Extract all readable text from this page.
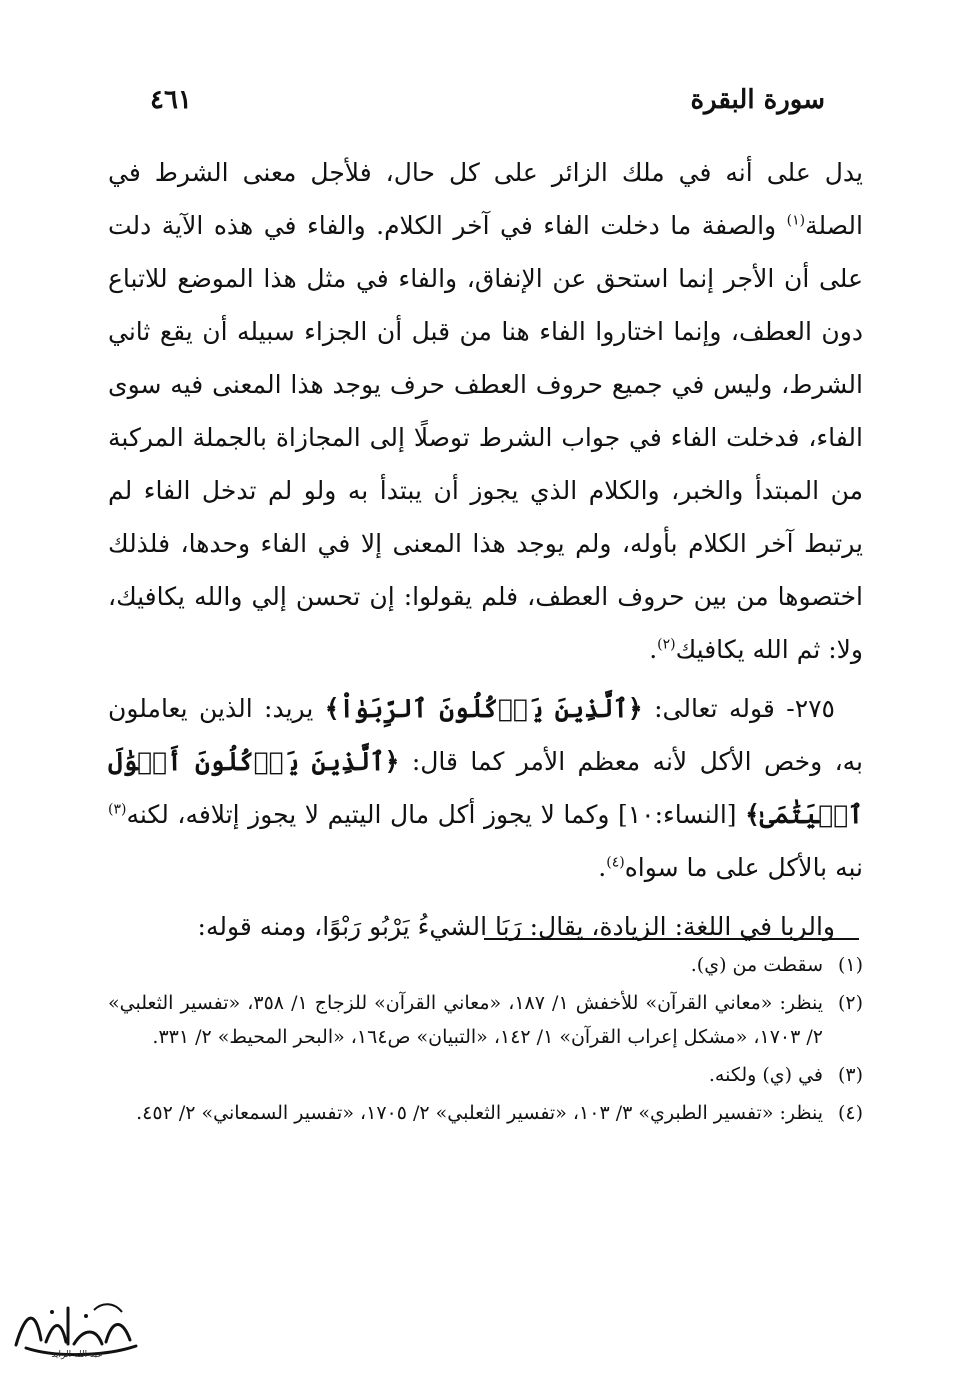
سورة البقرة
٤٦١

يدل على أنه في ملك الزائر على كل حال، فلأجل معنى الشرط في الصلة$^{(١)}$ والصفة ما دخلت الفاء في آخر الكلام. والفاء في هذه الآية دلت على أن الأجر إنما استحق عن الإنفاق، والفاء في مثل هذا الموضع للاتباع دون العطف، وإنما اختاروا الفاء هنا من قبل أن الجزاء سبيله أن يقع ثاني الشرط، وليس في جميع حروف العطف حرف يوجد هذا المعنى فيه سوى الفاء، فدخلت الفاء في جواب الشرط توصلًا إلى المجازاة بالجملة المركبة من المبتدأ والخبر، والكلام الذي يجوز أن يبتدأ به ولو لم تدخل الفاء لم يرتبط آخر الكلام بأوله، ولم يوجد هذا المعنى إلا في الفاء وحدها، فلذلك اختصوها من بين حروف العطف، فلم يقولوا: إن تحسن إلي والله يكافيك، ولا: ثم الله يكافيك$^{(٢)}$.

٢٧٥- قوله تعالى: ﴿ٱلَّذِينَ يَأۡكُلُونَ ٱلرِّبَوٰاْ﴾ يريد: الذين يعاملون به، وخص الأكل لأنه معظم الأمر كما قال: ﴿ٱلَّذِينَ يَأۡكُلُونَ أَمۡوَٰلَ ٱلۡيَتَٰمَىٰ﴾ [النساء:١٠] وكما لا يجوز أكل مال اليتيم لا يجوز إتلافه، لكنه$^{(٣)}$ نبه بالأكل على ما سواه$^{(٤)}$.

والربا في اللغة: الزيادة، يقال: رَبَا الشيءُ يَرْبُو رَبْوًا، ومنه قوله:

(١)
سقطت من (ي).
(٢)
ينظر: «معاني القرآن» للأخفش ١/ ١٨٧، «معاني القرآن» للزجاج ١/ ٣٥٨، «تفسير الثعلبي» ٢/ ١٧٠٣، «مشكل إعراب القرآن» ١/ ١٤٢، «التبيان» ص١٦٤، «البحر المحيط» ٢/ ٣٣١.
(٣)
في (ي) ولكنه.
(٤)
ينظر: «تفسير الطبري» ٣/ ١٠٣، «تفسير الثعلبي» ٢/ ١٧٠٥، «تفسير السمعاني» ٢/ ٤٥٢.
عبد الله الزايد
